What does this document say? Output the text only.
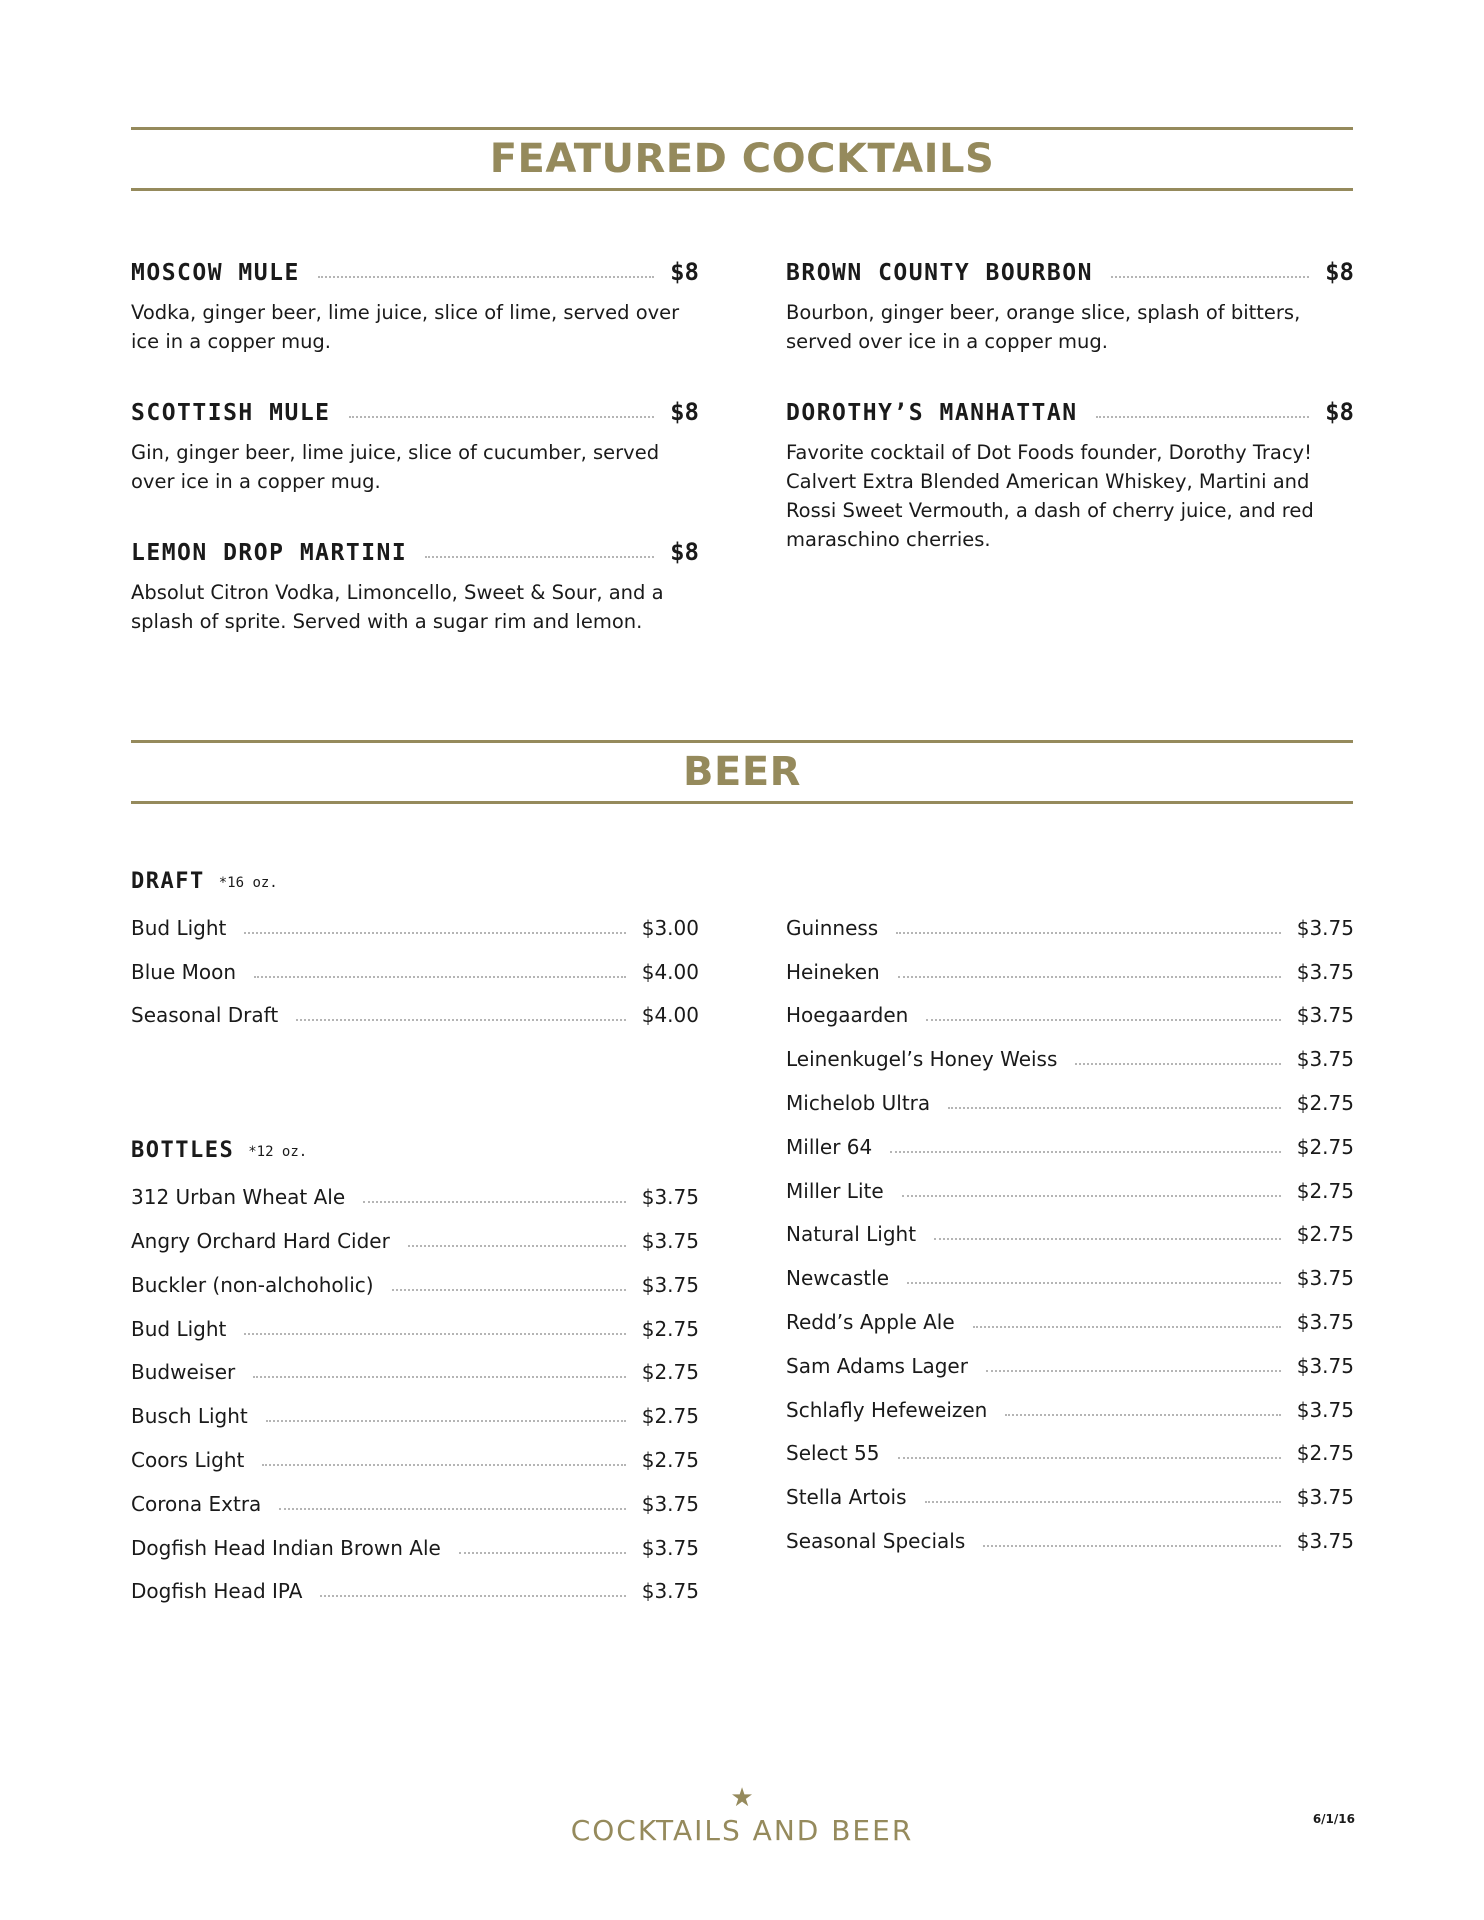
FEATURED COCKTAILS
MOSCOW MULE	$8

Vodka, ginger beer, lime juice, slice of lime, served over ice in a copper mug.

SCOTTISH MULE	$8

Gin, ginger beer, lime juice, slice of cucumber, served over ice in a copper mug.

LEMON DROP MARTINI	$8

Absolut Citron Vodka, Limoncello, Sweet & Sour, and a splash of sprite. Served with a sugar rim and lemon.

BROWN COUNTY BOURBON	$8

Bourbon, ginger beer, orange slice, splash of bitters, served over ice in a copper mug.

DOROTHY’S MANHATTAN	$8

Favorite cocktail of Dot Foods founder, Dorothy Tracy! Calvert Extra Blended American Whiskey, Martini and Rossi Sweet Vermouth, a dash of cherry juice, and red maraschino cherries.

BEER
DRAFT *16 oz.
Bud Light	$3.00
Blue Moon	$4.00
Seasonal Draft	$4.00
BOTTLES *12 oz.
312 Urban Wheat Ale	$3.75
Angry Orchard Hard Cider	$3.75
Buckler (non-alchoholic)	$3.75
Bud Light	$2.75
Budweiser	$2.75
Busch Light	$2.75
Coors Light	$2.75
Corona Extra	$3.75
Dogfish Head Indian Brown Ale	$3.75
Dogfish Head IPA	$3.75
Guinness	$3.75
Heineken	$3.75
Hoegaarden	$3.75
Leinenkugel’s Honey Weiss	$3.75
Michelob Ultra	$2.75
Miller 64	$2.75
Miller Lite	$2.75
Natural Light	$2.75
Newcastle	$3.75
Redd’s Apple Ale	$3.75
Sam Adams Lager	$3.75
Schlafly Hefeweizen	$3.75
Select 55	$2.75
Stella Artois	$3.75
Seasonal Specials	$3.75
★
COCKTAILS AND BEER	6/1/16
